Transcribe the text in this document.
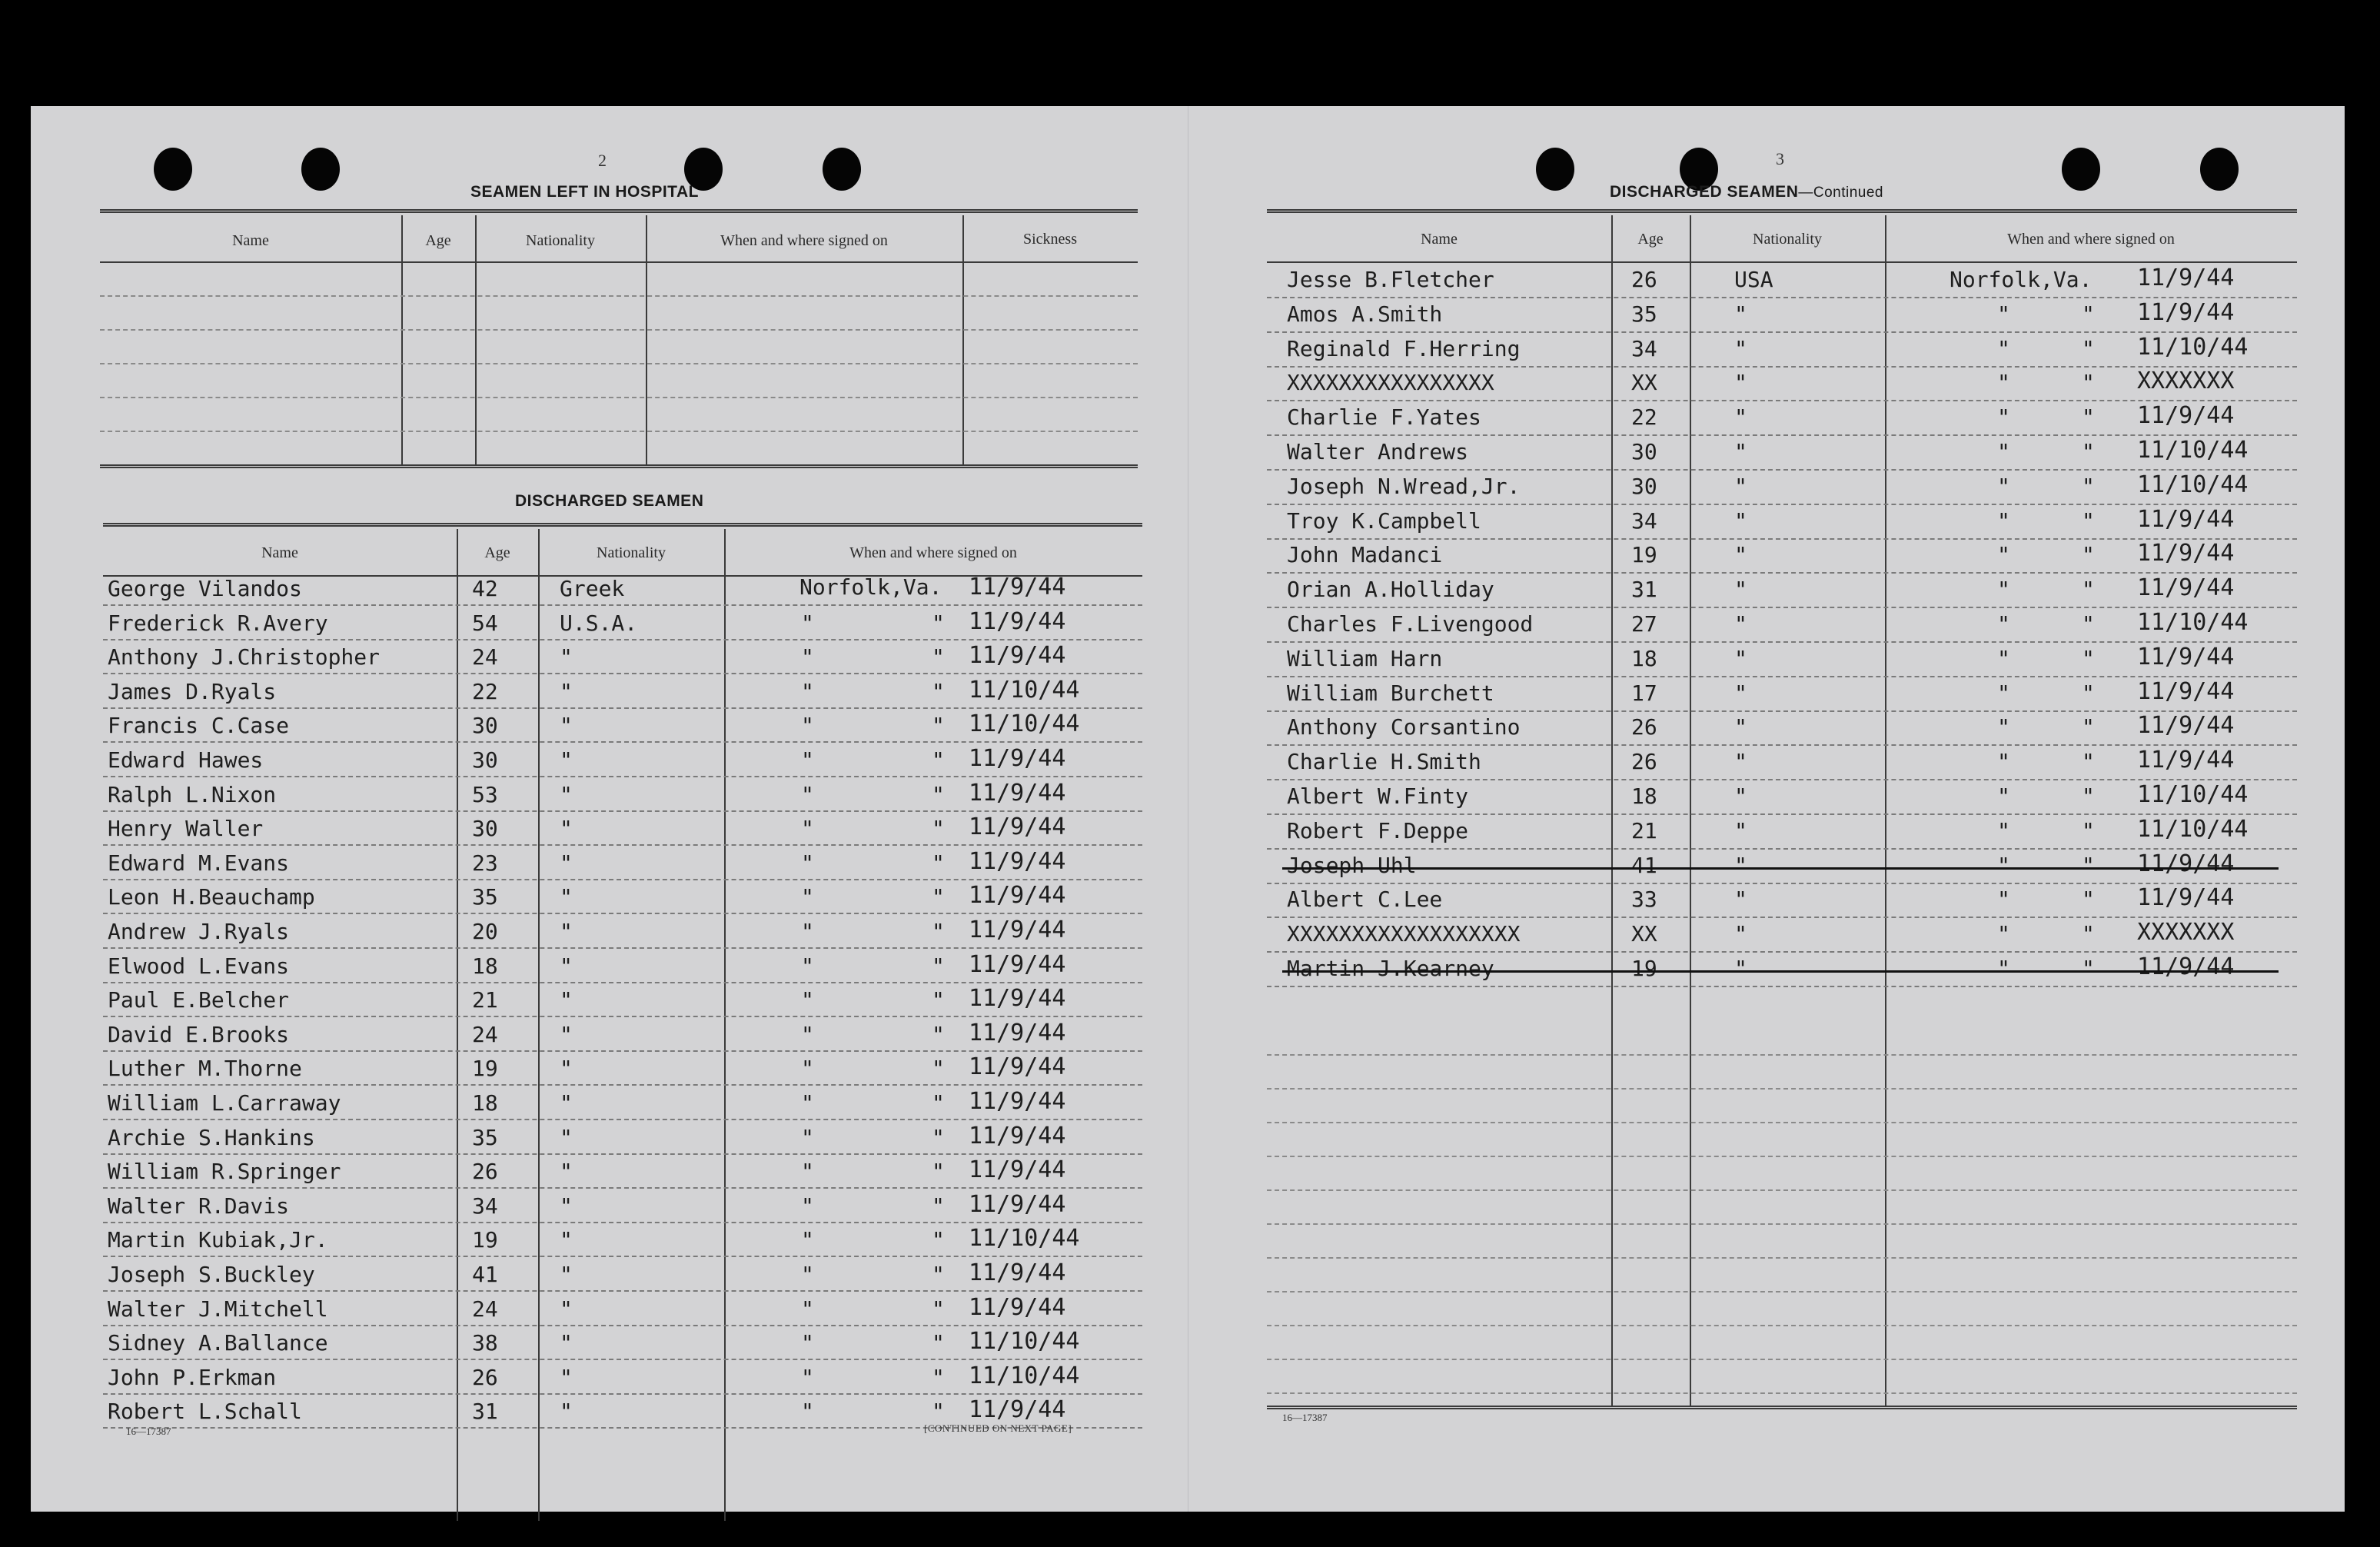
2
SEAMEN LEFT IN HOSPITAL
Name	Age	Nationality	When and where signed on	Sickness
DISCHARGED SEAMEN
Name	Age	Nationality	When and where signed on
George Vilandos	42	Greek	Norfolk,Va. 11/9/44
Frederick R.Avery	54	U.S.A.	"	" 11/9/44
Anthony J.Christopher	24	"	"	" 11/9/44
James D.Ryals	22	"	"	" 11/10/44
Francis C.Case	30	"	"	" 11/10/44
Edward Hawes	30	"	"	" 11/9/44
Ralph L.Nixon	53	"	"	" 11/9/44
Henry Waller	30	"	"	" 11/9/44
Edward M.Evans	23	"	"	" 11/9/44
Leon H.Beauchamp	35	"	"	" 11/9/44
Andrew J.Ryals	20	"	"	" 11/9/44
Elwood L.Evans	18	"	"	" 11/9/44
Paul E.Belcher	21	"	"	" 11/9/44
David E.Brooks	24	"	"	" 11/9/44
Luther M.Thorne	19	"	"	" 11/9/44
William L.Carraway	18	"	"	" 11/9/44
Archie S.Hankins	35	"	"	" 11/9/44
William R.Springer	26	"	"	" 11/9/44
Walter R.Davis	34	"	"	" 11/9/44
Martin Kubiak,Jr.	19	"	"	" 11/10/44
Joseph S.Buckley	41	"	"	" 11/9/44
Walter J.Mitchell	24	"	"	" 11/9/44
Sidney A.Ballance	38	"	"	" 11/10/44
John P.Erkman	26	"	"	" 11/10/44
Robert L.Schall	31	"	"	" 11/9/44
16—17387	[CONTINUED ON NEXT PAGE]
3
DISCHARGED SEAMEN—Continued
Name	Age	Nationality	When and where signed on
Jesse B.Fletcher	26	USA	Norfolk,Va. 11/9/44
Amos A.Smith	35	"	"	" 11/9/44
Reginald F.Herring	34	"	"	" 11/10/44
XXXXXXXXXXXXXXXX	XX	"	"	" XXXXXXX
Charlie F.Yates	22	"	"	" 11/9/44
Walter Andrews	30	"	"	" 11/10/44
Joseph N.Wread,Jr.	30	"	"	" 11/10/44
Troy K.Campbell	34	"	"	" 11/9/44
John Madanci	19	"	"	" 11/9/44
Orian A.Holliday	31	"	"	" 11/9/44
Charles F.Livengood	27	"	"	" 11/10/44
William Harn	18	"	"	" 11/9/44
William Burchett	17	"	"	" 11/9/44
Anthony Corsantino	26	"	"	" 11/9/44
Charlie H.Smith	26	"	"	" 11/9/44
Albert W.Finty	18	"	"	" 11/10/44
Robert F.Deppe	21	"	"	" 11/10/44
Joseph Uhl	41	"	"	" 11/9/44
Albert C.Lee	33	"	"	" 11/9/44
XXXXXXXXXXXXXXXXXX	XX	"	"	" XXXXXXX
Martin J.Kearney	19	"	"	" 11/9/44
16—17387
